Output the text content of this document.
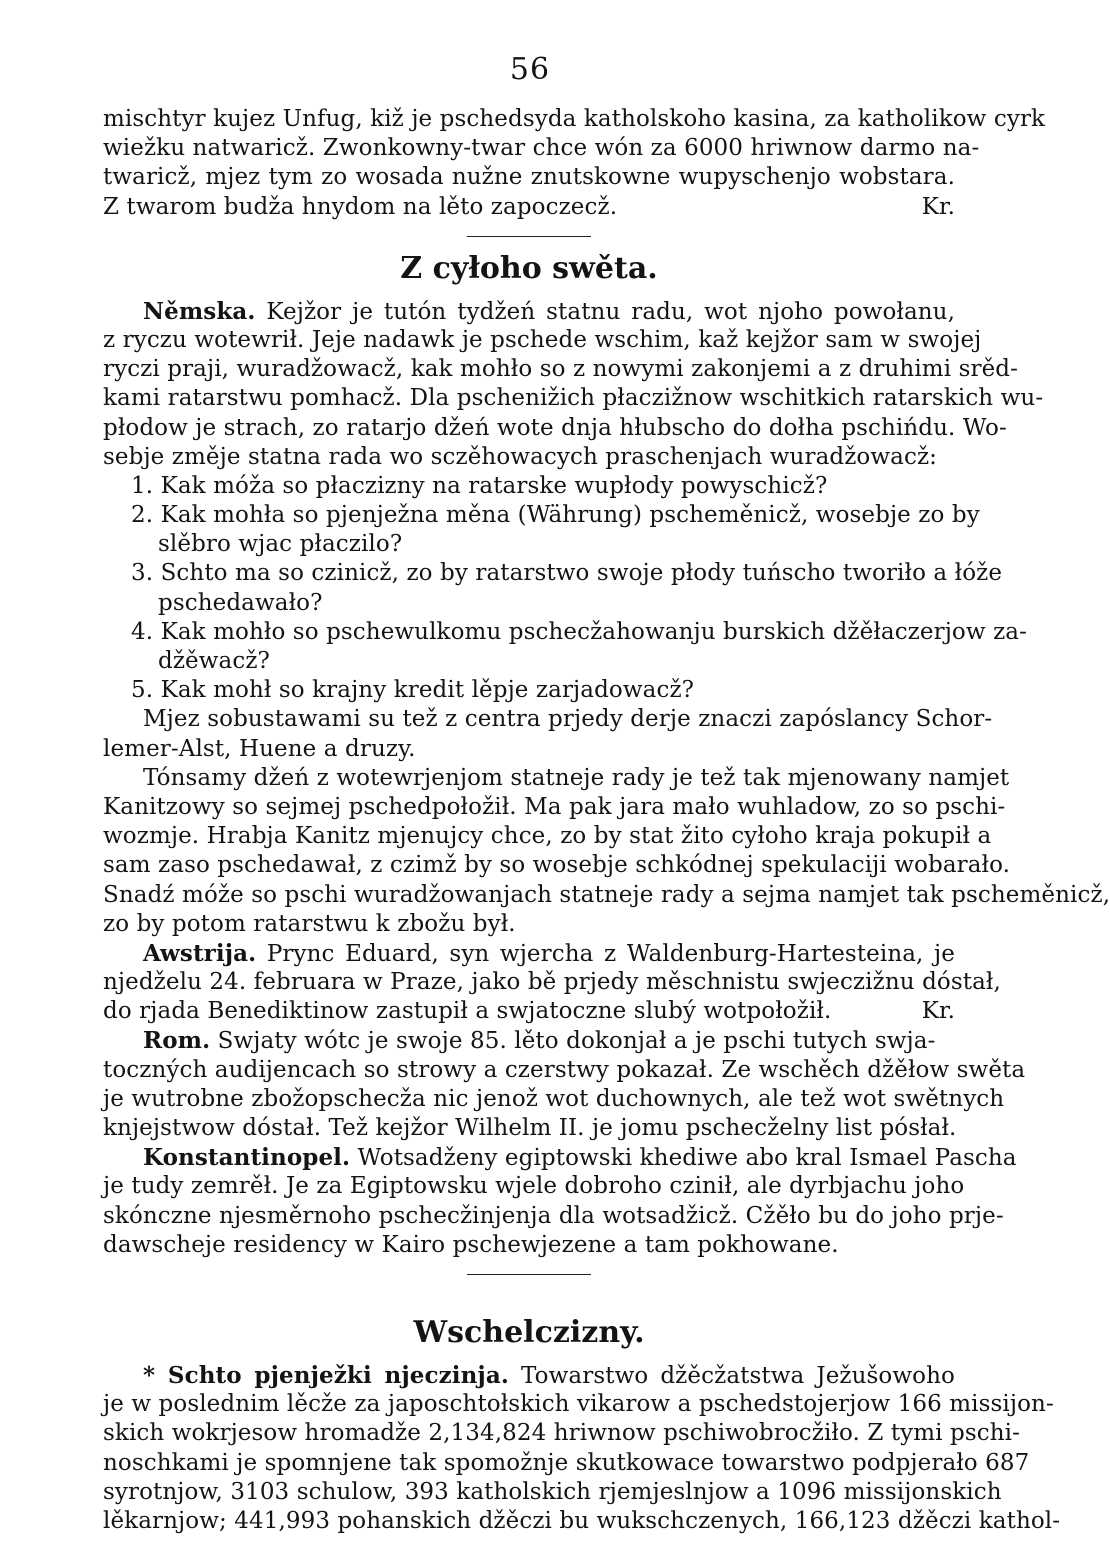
56
mischtyr kujez Unfug, kiž je pschedsyda katholskoho kasina, za katholikow cyrk
wiežku natwaricž. Zwonkowny-twar chce wón za 6000 hriwnow darmo na-
twaricž, mjez tym zo wosada nužne znutskowne wupyschenjo wobstara.
Z twarom budža hnydom na lěto zapoczecž.	Kr.
Z cyłoho swěta.
Němska. Kejžor je tutón tydžeń statnu radu, wot njoho powołanu,
z ryczu wotewrił. Jeje nadawk je pschede wschim, kaž kejžor sam w swojej
ryczi praji, wuradžowacž, kak mohło so z nowymi zakonjemi a z druhimi srěd-
kami ratarstwu pomhacž. Dla pschenižich płaczižnow wschitkich ratarskich wu-
płodow je strach, zo ratarjo džeń wote dnja hłubscho do dołha pschińdu. Wo-
sebje změje statna rada wo sczěhowacych praschenjach wuradžowacž:
1. Kak móža so płaczizny na ratarske wupłody powyschicž?
2. Kak mohła so pjenježna měna (Währung) pscheměnicž, wosebje zo by
slěbro wjac płaczilo?
3. Schto ma so czinicž, zo by ratarstwo swoje płody tuńscho tworiło a łóže
pschedawało?
4. Kak mohło so pschewulkomu pschecžahowanju burskich džěłaczerjow za-
džěwacž?
5. Kak mohł so krajny kredit lěpje zarjadowacž?
Mjez sobustawami su tež z centra prjedy derje znaczi zapóslancy Schor-
lemer-Alst, Huene a druzy.
Tónsamy džeń z wotewrjenjom statneje rady je tež tak mjenowany namjet
Kanitzowy so sejmej pschedpołožił. Ma pak jara mało wuhladow, zo so pschi-
wozmje. Hrabja Kanitz mjenujcy chce, zo by stat žito cyłoho kraja pokupił a
sam zaso pschedawał, z czimž by so wosebje schkódnej spekulaciji wobarało.
Snadź móže so pschi wuradžowanjach statneje rady a sejma namjet tak pscheměnicž,
zo by potom ratarstwu k zbožu był.
Awstrija. Prync Eduard, syn wjercha z Waldenburg-Hartesteina, je
njedželu 24. februara w Praze, jako bě prjedy měschnistu swjeczižnu dóstał,
do rjada Benediktinow zastupił a swjatoczne slubý wotpołožił.	Kr.
Rom. Swjaty wótc je swoje 85. lěto dokonjał a je pschi tutych swja-
toczných audijencach so strowy a czerstwy pokazał. Ze wschěch džěłow swěta
je wutrobne zbožopschecža nic jenož wot duchownych, ale tež wot swětnych
knjejstwow dóstał. Tež kejžor Wilhelm II. je jomu pschecželny list pósłał.
Konstantinopel. Wotsadženy egiptowski khediwe abo kral Ismael Pascha
je tudy zemrěł. Je za Egiptowsku wjele dobroho czinił, ale dyrbjachu joho
skónczne njesměrnoho pschecžinjenja dla wotsadžicž. Cžěło bu do joho prje-
dawscheje residency w Kairo pschewjezene a tam pokhowane.
Wschelczizny.
* Schto pjenježki njeczinja. Towarstwo džěcžatstwa Ježušowoho
je w poslednim lěcže za japoschtołskich vikarow a pschedstojerjow 166 missijon-
skich wokrjesow hromadže 2,134,824 hriwnow pschiwobrocžiło. Z tymi pschi-
noschkami je spomnjene tak spomožnje skutkowace towarstwo podpjerało 687
syrotnjow, 3103 schulow, 393 katholskich rjemjeslnjow a 1096 missijonskich
lěkarnjow; 441,993 pohanskich džěczi bu wukschczenych, 166,123 džěczi kathol-
